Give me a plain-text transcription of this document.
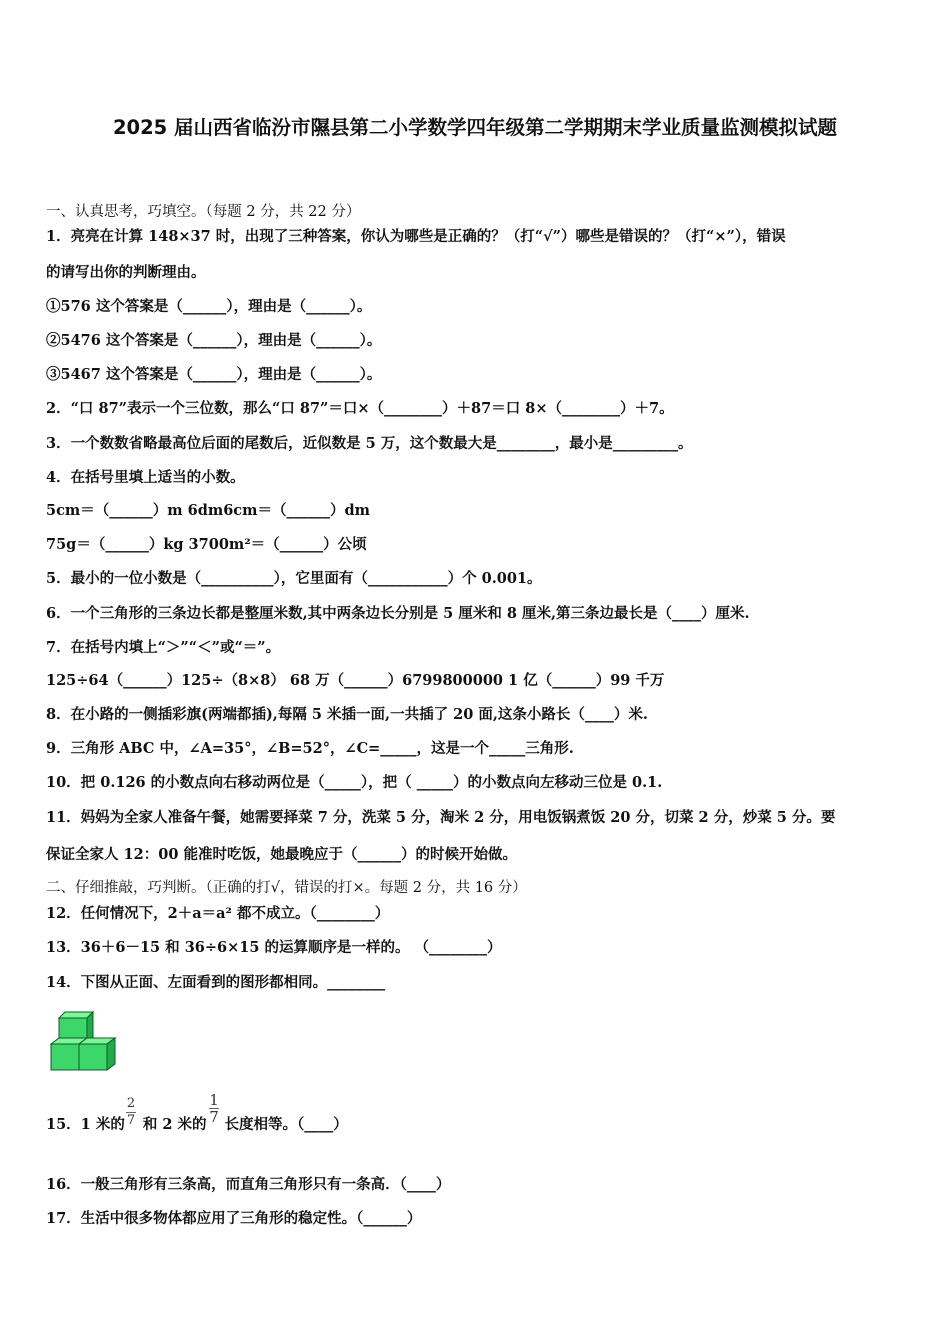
2025 届山西省临汾市隰县第二小学数学四年级第二学期期末学业质量监测模拟试题
一、认真思考，巧填空。（每题 2 分，共 22 分）
1．亮亮在计算 148×37 时，出现了三种答案，你认为哪些是正确的？（打“√”）哪些是错误的？（打“×”），错误
的请写出你的判断理由。
①576 这个答案是（______），理由是（______）。
②5476 这个答案是（______），理由是（______）。
③5467 这个答案是（______），理由是（______）。
2．“口 87”表示一个三位数，那么“口 87”＝口×（________）＋87＝口 8×（________）＋7。
3．一个数数省略最高位后面的尾数后，近似数是 5 万，这个数最大是________，最小是_________。
4．在括号里填上适当的小数。
5cm＝（______）m 6dm6cm＝（______）dm
75g＝（______）kg 3700m²＝（______）公顷
5．最小的一位小数是（__________），它里面有（___________）个 0.001。
6．一个三角形的三条边长都是整厘米数,其中两条边长分别是 5 厘米和 8 厘米,第三条边最长是（____）厘米.
7．在括号内填上“＞”“＜”或“＝”。
125÷64（______）125÷（8×8） 68 万（______）6799800000 1 亿（______）99 千万
8．在小路的一侧插彩旗(两端都插),每隔 5 米插一面,一共插了 20 面,这条小路长（____）米.
9．三角形 ABC 中，∠A=35°，∠B=52°，∠C=_____，这是一个_____三角形.
10．把 0.126 的小数点向右移动两位是（_____），把（ _____）的小数点向左移动三位是 0.1.
11．妈妈为全家人准备午餐，她需要择菜 7 分，洗菜 5 分，淘米 2 分，用电饭锅煮饭 20 分，切菜 2 分，炒菜 5 分。要
保证全家人 12：00 能准时吃饭，她最晚应于（______）的时候开始做。
二、仔细推敲，巧判断。（正确的打√，错误的打×。每题 2 分，共 16 分）
12．任何情况下，2＋a＝a² 都不成立。（________）
13．36＋6－15 和 36÷6×15 的运算顺序是一样的。 （________）
14．下图从正面、左面看到的图形都相同。________
15．1 米的 和 2 米的 长度相等。（____）
2
7
1
7
16．一般三角形有三条高，而直角三角形只有一条高．（____）
17．生活中很多物体都应用了三角形的稳定性。（______）
